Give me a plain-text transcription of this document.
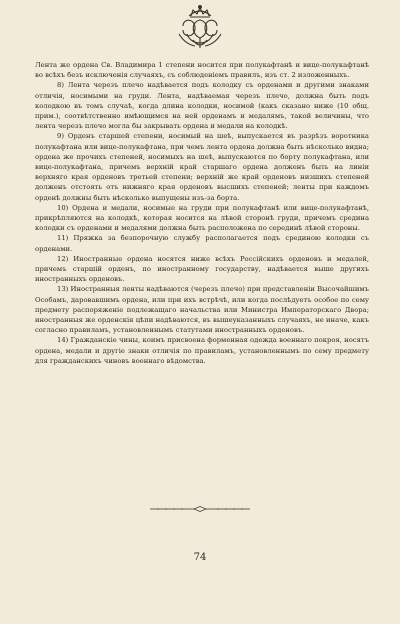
Лента же ордена Св. Владимира 1 степени носится при полукафтанѣ и вице-полукафтанѣ во всѣхъ безъ исключенія случаяхъ, съ соблюденіемъ правилъ, изъ ст. 2 изложенныхъ.

8) Лента черезъ плечо надѣвается подъ колодку съ орденами и другими знаками отличія, носимыми на груди. Лента, надѣваемая черезъ плечо, должна быть подъ колодкою въ томъ случаѣ, когда длина колодки, носимой (какъ сказано ниже (10 общ. прим.), соотвѣтственно имѣющимся на ней орденамъ и медалямъ, такой величины, что лента черезъ плечо могла бы закрывать ордена и медали на колодкѣ.

9) Орденъ старшей степени, носимый на шеѣ, выпускается въ разрѣзъ воротника полукафтана или вице-полукафтана, при чемъ лента ордена должна быть нѣсколько видна; ордена же прочихъ степеней, носимыхъ на шеѣ, выпускаются по борту полукафтана, или вице-полукафтана, причемъ верхній край старшаго ордена долженъ быть на линіи верхняго края орденовъ третьей степени; верхній же край орденовъ низшихъ степеней долженъ отстоять отъ нижняго края орденовъ высшихъ степеней; ленты при каждомъ орденѣ должны быть нѣсколько выпущены изъ-за борта.

10) Ордена и медали, носимые на груди при полукафтанѣ или вице-полукафтанѣ, прикрѣпляются на колодкѣ, которая носится на лѣвой сторонѣ груди, причемъ средина колодки съ орденами и медалями должна быть расположена по серединѣ лѣвой стороны.

11) Пряжка за безпорочную службу располагается подъ срединою колодки съ орденами.

12) Иностранные ордена носятся ниже всѣхъ Россійскихъ орденовъ и медалей, причемъ старшій орденъ, по иностранному государству, надѣвается выше другихъ иностранныхъ орденовъ.

13) Иностранныя ленты надѣваются (черезъ плечо) при представленіи Высочайшимъ Особамъ, даровавшимъ ордена, или при ихъ встрѣчѣ, или когда послѣдуетъ особое по сему предмету распоряженіе подлежащаго начальства или Министра Императорскаго Двора; иностранныя же орденскія цѣпи надѣваются, въ вышеуказанныхъ случаяхъ, не иначе, какъ согласно правиламъ, установленнымъ статутами иностранныхъ орденовъ.

14) Гражданскіе чины, коимъ присвоена форменная одежда военнаго покроя, носятъ ордена, медали и другіе знаки отличія по правиламъ, установленнымъ по сему предмету для гражданскихъ чиновъ военнаго вѣдомства.

74
